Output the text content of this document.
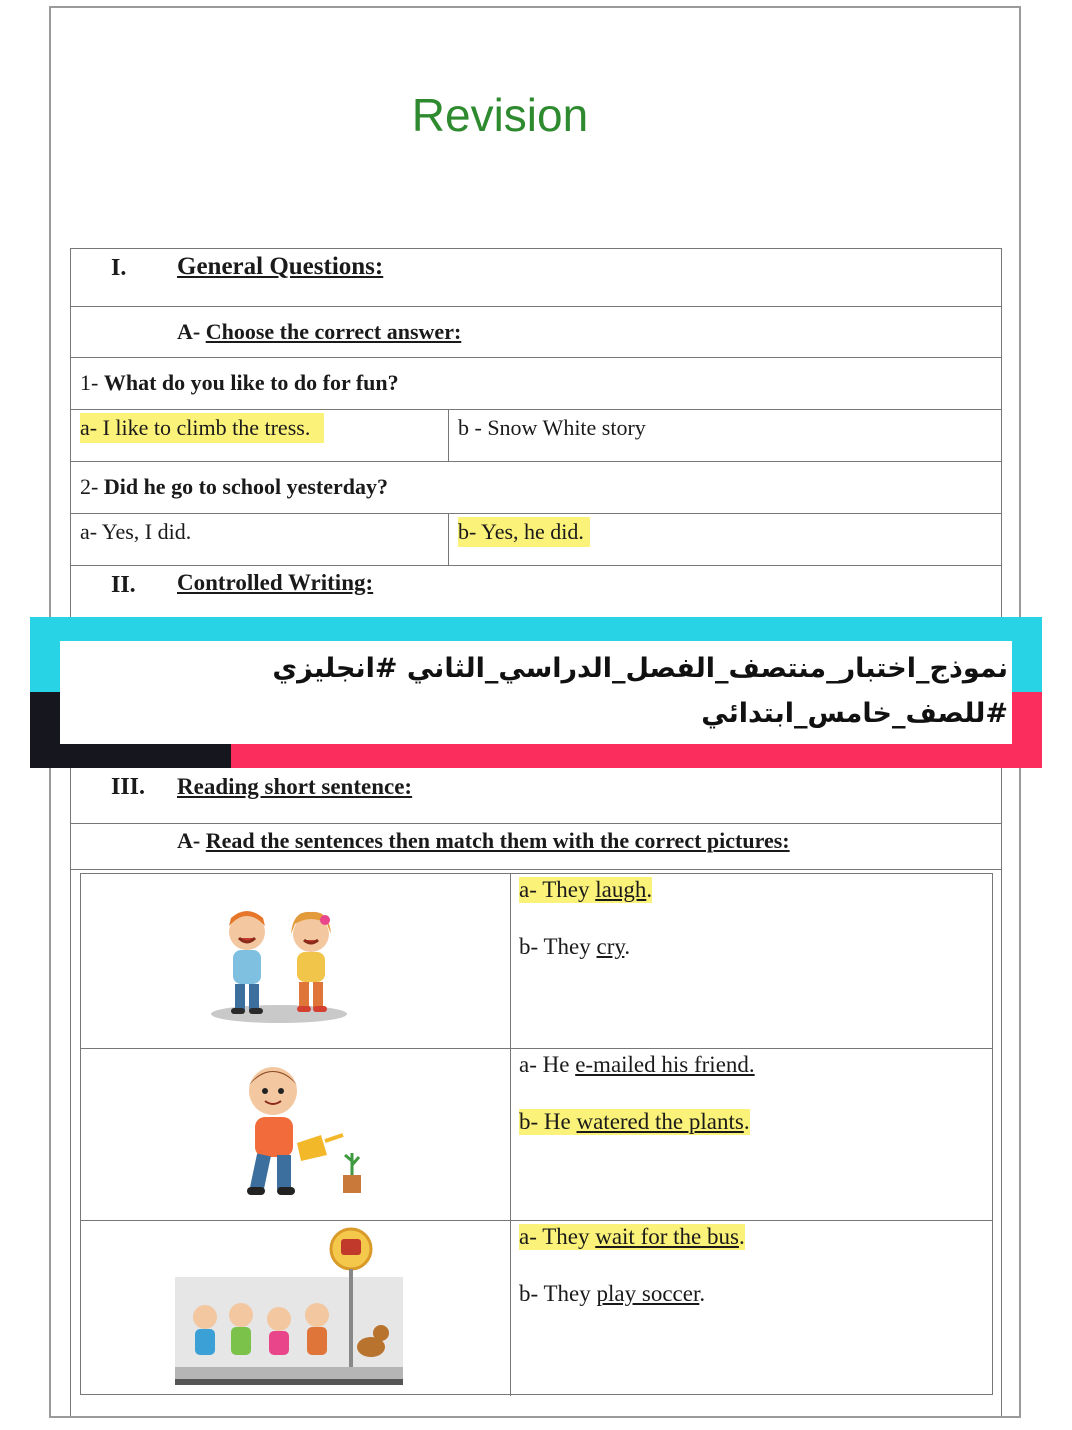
Revision
I. General Questions:
A- Choose the correct answer:
1- What do you like to do for fun?
a- I like to climb the tress.	b - Snow White story
2- Did he go to school yesterday?
a- Yes, I did.	b- Yes, he did.
II. Controlled Writing:
نموذج_اختبار_منتصف_الفصل_الدراسي_الثاني #انجليزي
#للصف_خامس_ابتدائي
III. Reading short sentence:
A- Read the sentences then match them with the correct pictures:
a- They laugh.
b- They cry.
a- He e-mailed his friend.
b- He watered the plants.
a- They wait for the bus.
b- They play soccer.
